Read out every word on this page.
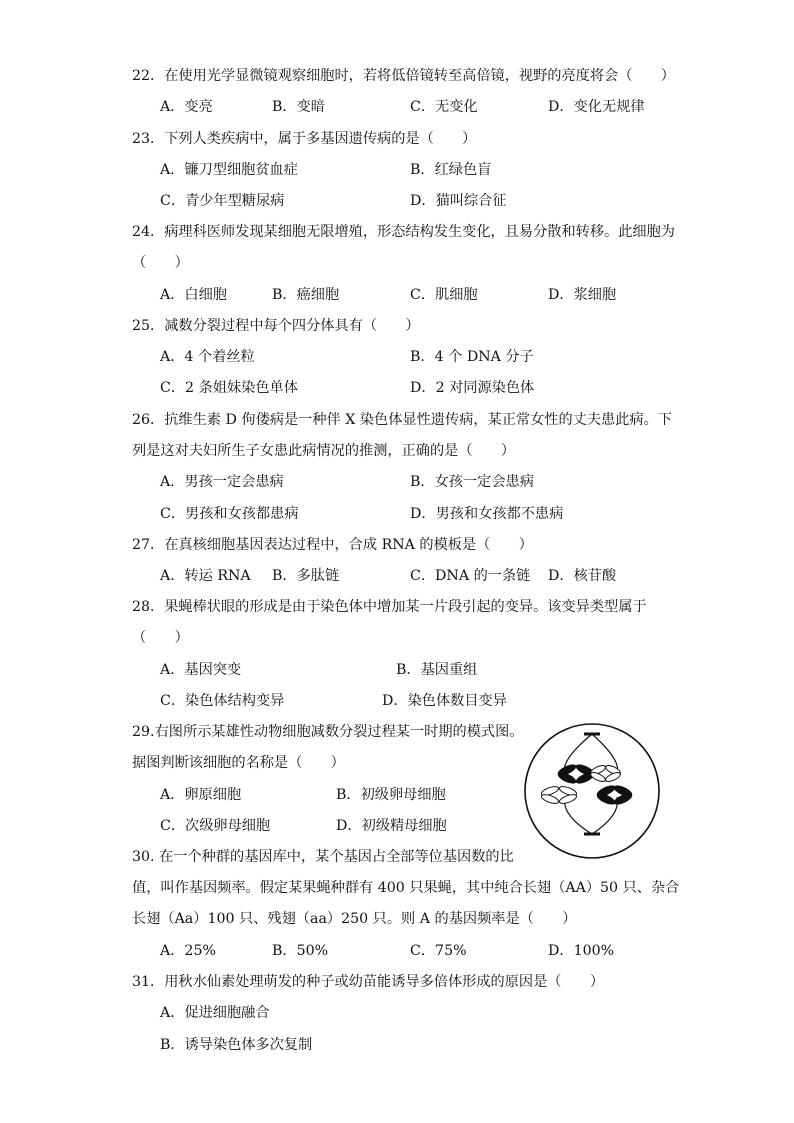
22．在使用光学显微镜观察细胞时，若将低倍镜转至高倍镜，视野的亮度将会（　　）
A．变亮	B．变暗	C．无变化	D．变化无规律
23．下列人类疾病中，属于多基因遗传病的是（　　）
A．镰刀型细胞贫血症	B．红绿色盲
C．青少年型糖尿病	D．猫叫综合征
24．病理科医师发现某细胞无限增殖，形态结构发生变化，且易分散和转移。此细胞为
（　　）
A．白细胞	B．癌细胞	C．肌细胞	D．浆细胞
25．减数分裂过程中每个四分体具有（　　）
A．4 个着丝粒	B．4 个 DNA 分子
C．2 条姐妹染色单体	D．2 对同源染色体
26．抗维生素 D 佝偻病是一种伴 X 染色体显性遗传病，某正常女性的丈夫患此病。下
列是这对夫妇所生子女患此病情况的推测，正确的是（　　）
A．男孩一定会患病	B．女孩一定会患病
C．男孩和女孩都患病	D．男孩和女孩都不患病
27．在真核细胞基因表达过程中，合成 RNA 的模板是（　　）
A．转运 RNA B．多肽链	C．DNA 的一条链 D．核苷酸
28．果蝇棒状眼的形成是由于染色体中增加某一片段引起的变异。该变异类型属于
（　　）
A．基因突变	B．基因重组
C．染色体结构变异	D．染色体数目变异
29.右图所示某雄性动物细胞减数分裂过程某一时期的模式图。
据图判断该细胞的名称是（　　）
A．卵原细胞	B．初级卵母细胞
C．次级卵母细胞	D．初级精母细胞
30. 在一个种群的基因库中，某个基因占全部等位基因数的比
值，叫作基因频率。假定某果蝇种群有 400 只果蝇，其中纯合长翅（AA）50 只、杂合
长翅（Aa）100 只、残翅（aa）250 只。则 A 的基因频率是（　　）
A．25%	B．50%	C．75%	D．100%
31．用秋水仙素处理萌发的种子或幼苗能诱导多倍体形成的原因是（　　）
A．促进细胞融合
B．诱导染色体多次复制
